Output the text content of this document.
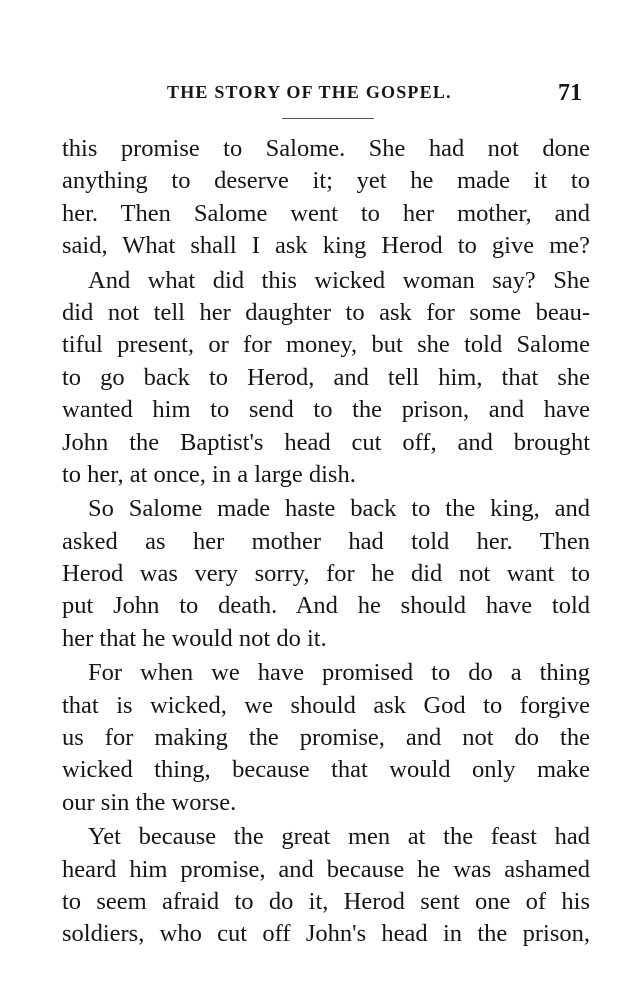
THE STORY OF THE GOSPEL.	71
this promise to Salome. She had not done
anything to deserve it; yet he made it to
her. Then Salome went to her mother, and
said, What shall I ask king Herod to give me?
And what did this wicked woman say? She
did not tell her daughter to ask for some beau-
tiful present, or for money, but she told Salome
to go back to Herod, and tell him, that she
wanted him to send to the prison, and have
John the Baptist's head cut off, and brought
to her, at once, in a large dish.
So Salome made haste back to the king, and
asked as her mother had told her. Then
Herod was very sorry, for he did not want to
put John to death. And he should have told
her that he would not do it.
For when we have promised to do a thing
that is wicked, we should ask God to forgive
us for making the promise, and not do the
wicked thing, because that would only make
our sin the worse.
Yet because the great men at the feast had
heard him promise, and because he was ashamed
to seem afraid to do it, Herod sent one of his
soldiers, who cut off John's head in the prison,
